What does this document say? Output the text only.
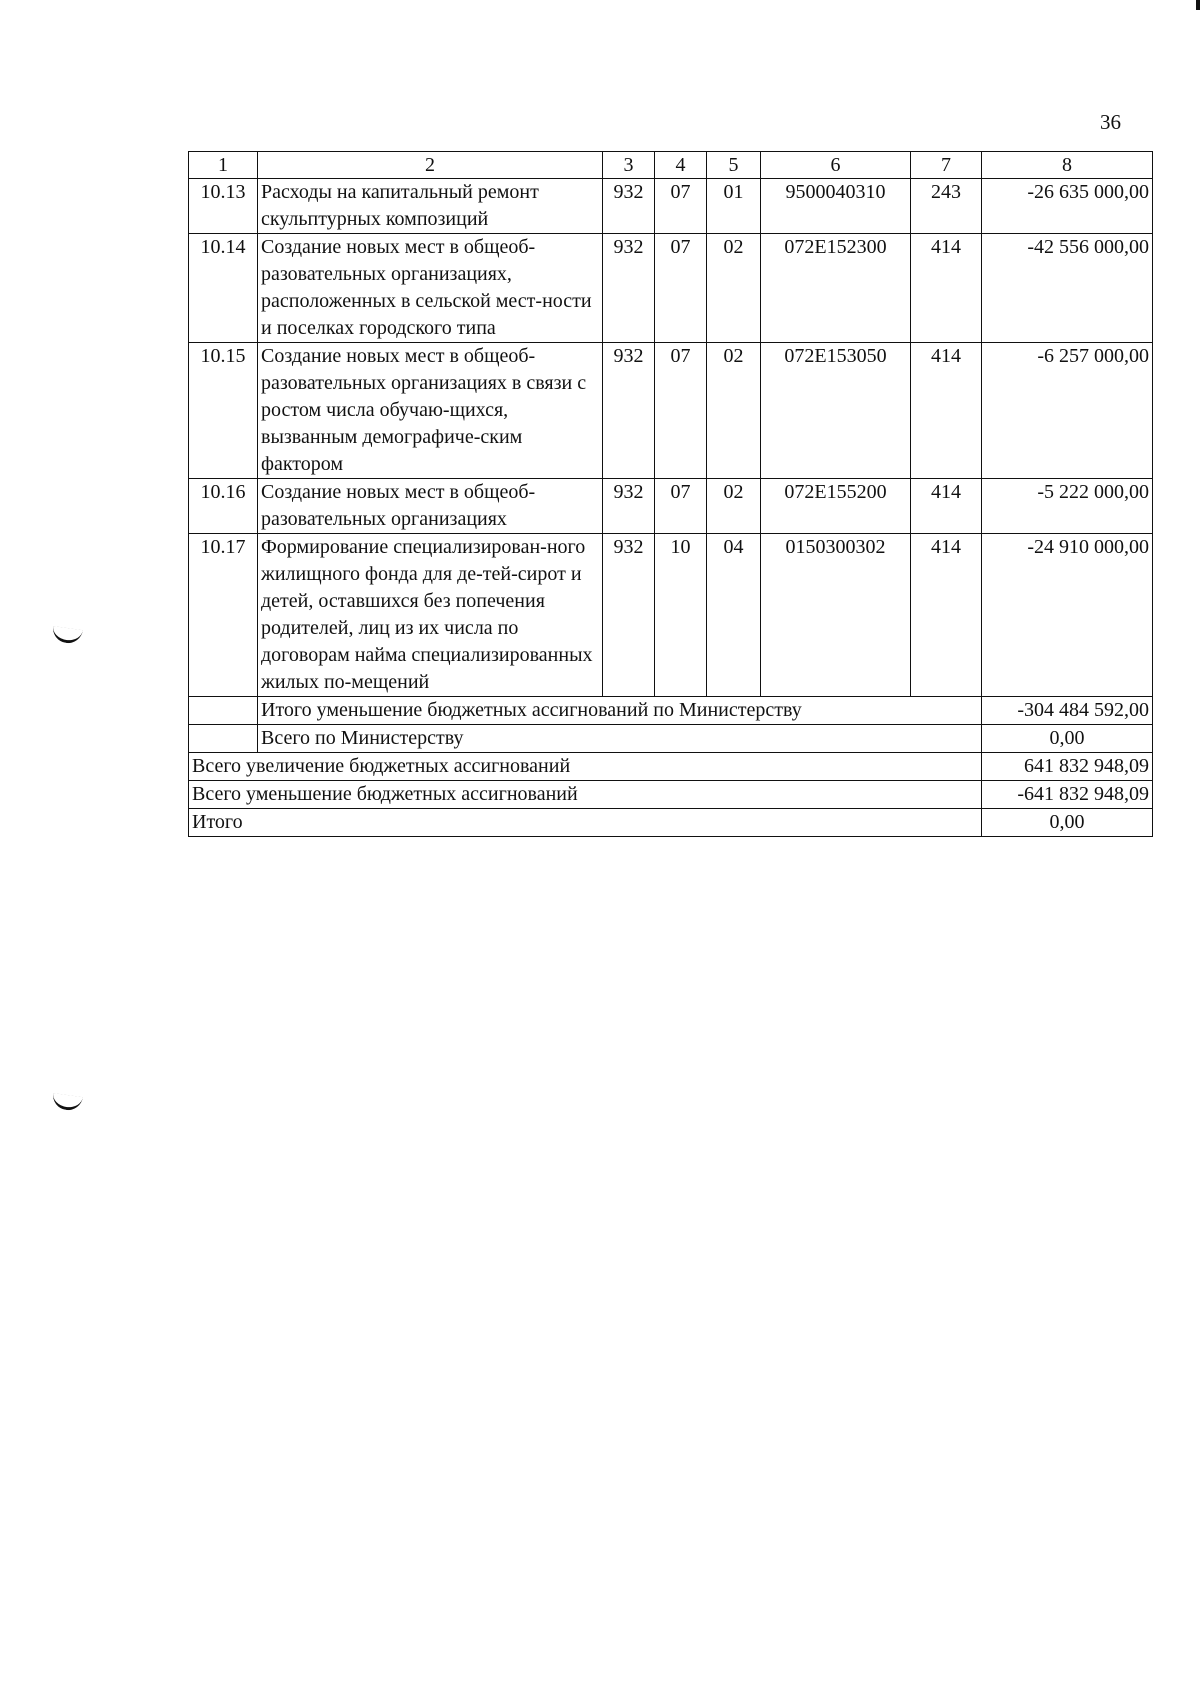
36
1	2	3	4	5	6	7	8
10.13	Расходы на капитальный ремонт скульптурных композиций	932	07	01	9500040310	243	-26 635 000,00
10.14	Создание новых мест в общеоб-разовательных организациях, расположенных в сельской мест-ности и поселках городского типа	932	07	02	072E152300	414	-42 556 000,00
10.15	Создание новых мест в общеоб-разовательных организациях в связи с ростом числа обучаю-щихся, вызванным демографиче-ским фактором	932	07	02	072E153050	414	-6 257 000,00
10.16	Создание новых мест в общеоб-разовательных организациях	932	07	02	072E155200	414	-5 222 000,00
10.17	Формирование специализирован-ного жилищного фонда для де-тей-сирот и детей, оставшихся без попечения родителей, лиц из их числа по договорам найма специализированных жилых по-мещений	932	10	04	0150300302	414	-24 910 000,00
	Итого уменьшение бюджетных ассигнований по Министерству						-304 484 592,00
	Всего по Министерству						0,00
Всего увеличение бюджетных ассигнований							641 832 948,09
Всего уменьшение бюджетных ассигнований							-641 832 948,09
Итого							0,00
